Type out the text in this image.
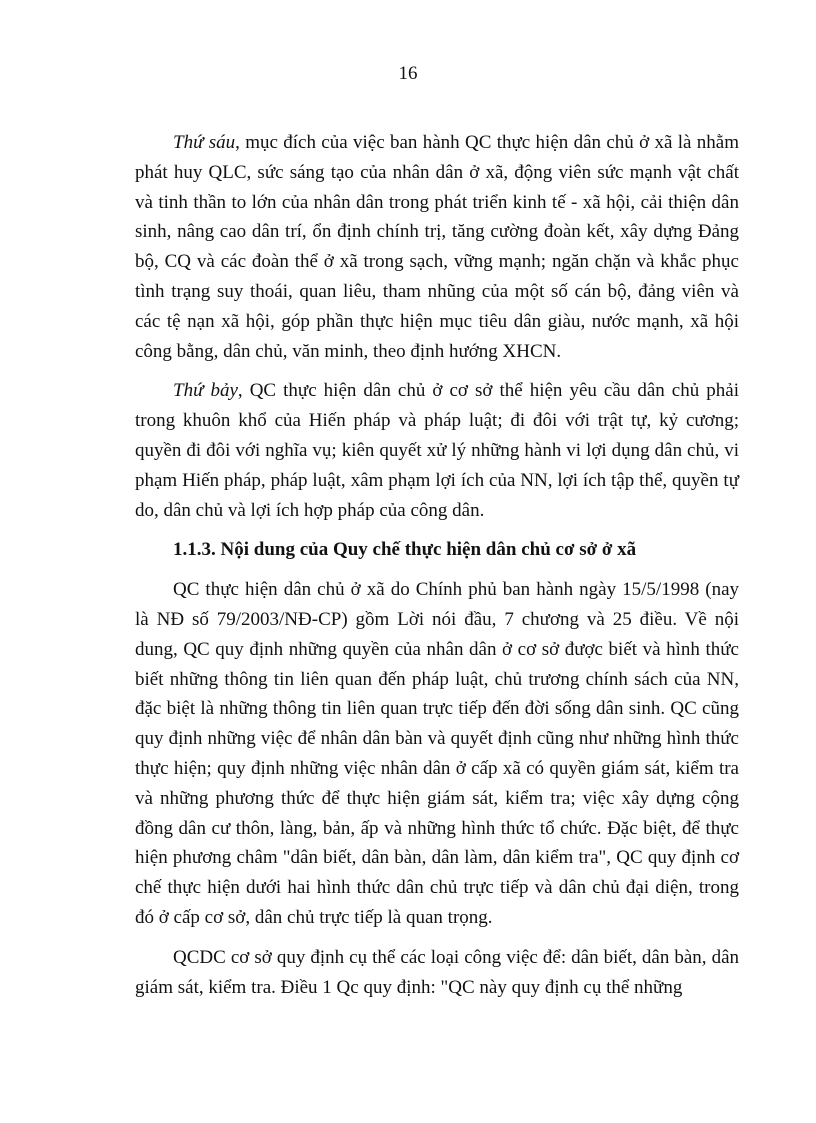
16

Thứ sáu, mục đích của việc ban hành QC thực hiện dân chủ ở xã là nhằm phát huy QLC, sức sáng tạo của nhân dân ở xã, động viên sức mạnh vật chất và tinh thần to lớn của nhân dân trong phát triển kinh tế - xã hội, cải thiện dân sinh, nâng cao dân trí, ổn định chính trị, tăng cường đoàn kết, xây dựng Đảng bộ, CQ và các đoàn thể ở xã trong sạch, vững mạnh; ngăn chặn và khắc phục tình trạng suy thoái, quan liêu, tham nhũng của một số cán bộ, đảng viên và các tệ nạn xã hội, góp phần thực hiện mục tiêu dân giàu, nước mạnh, xã hội công bằng, dân chủ, văn minh, theo định hướng XHCN.

Thứ bảy, QC thực hiện dân chủ ở cơ sở thể hiện yêu cầu dân chủ phải trong khuôn khổ của Hiến pháp và pháp luật; đi đôi với trật tự, kỷ cương; quyền đi đôi với nghĩa vụ; kiên quyết xử lý những hành vi lợi dụng dân chủ, vi phạm Hiến pháp, pháp luật, xâm phạm lợi ích của NN, lợi ích tập thể, quyền tự do, dân chủ và lợi ích hợp pháp của công dân.

1.1.3. Nội dung của Quy chế thực hiện dân chủ cơ sở ở xã

QC thực hiện dân chủ ở xã do Chính phủ ban hành ngày 15/5/1998 (nay là NĐ số 79/2003/NĐ-CP) gồm Lời nói đầu, 7 chương và 25 điều. Về nội dung, QC quy định những quyền của nhân dân ở cơ sở được biết và hình thức biết những thông tin liên quan đến pháp luật, chủ trương chính sách của NN, đặc biệt là những thông tin liên quan trực tiếp đến đời sống dân sinh. QC cũng quy định những việc để nhân dân bàn và quyết định cũng như những hình thức thực hiện; quy định những việc nhân dân ở cấp xã có quyền giám sát, kiểm tra và những phương thức để thực hiện giám sát, kiểm tra; việc xây dựng cộng đồng dân cư thôn, làng, bản, ấp và những hình thức tổ chức. Đặc biệt, để thực hiện phương châm "dân biết, dân bàn, dân làm, dân kiểm tra", QC quy định cơ chế thực hiện dưới hai hình thức dân chủ trực tiếp và dân chủ đại diện, trong đó ở cấp cơ sở, dân chủ trực tiếp là quan trọng.

QCDC cơ sở quy định cụ thể các loại công việc để: dân biết, dân bàn, dân giám sát, kiểm tra. Điều 1 Qc quy định: "QC này quy định cụ thể những
